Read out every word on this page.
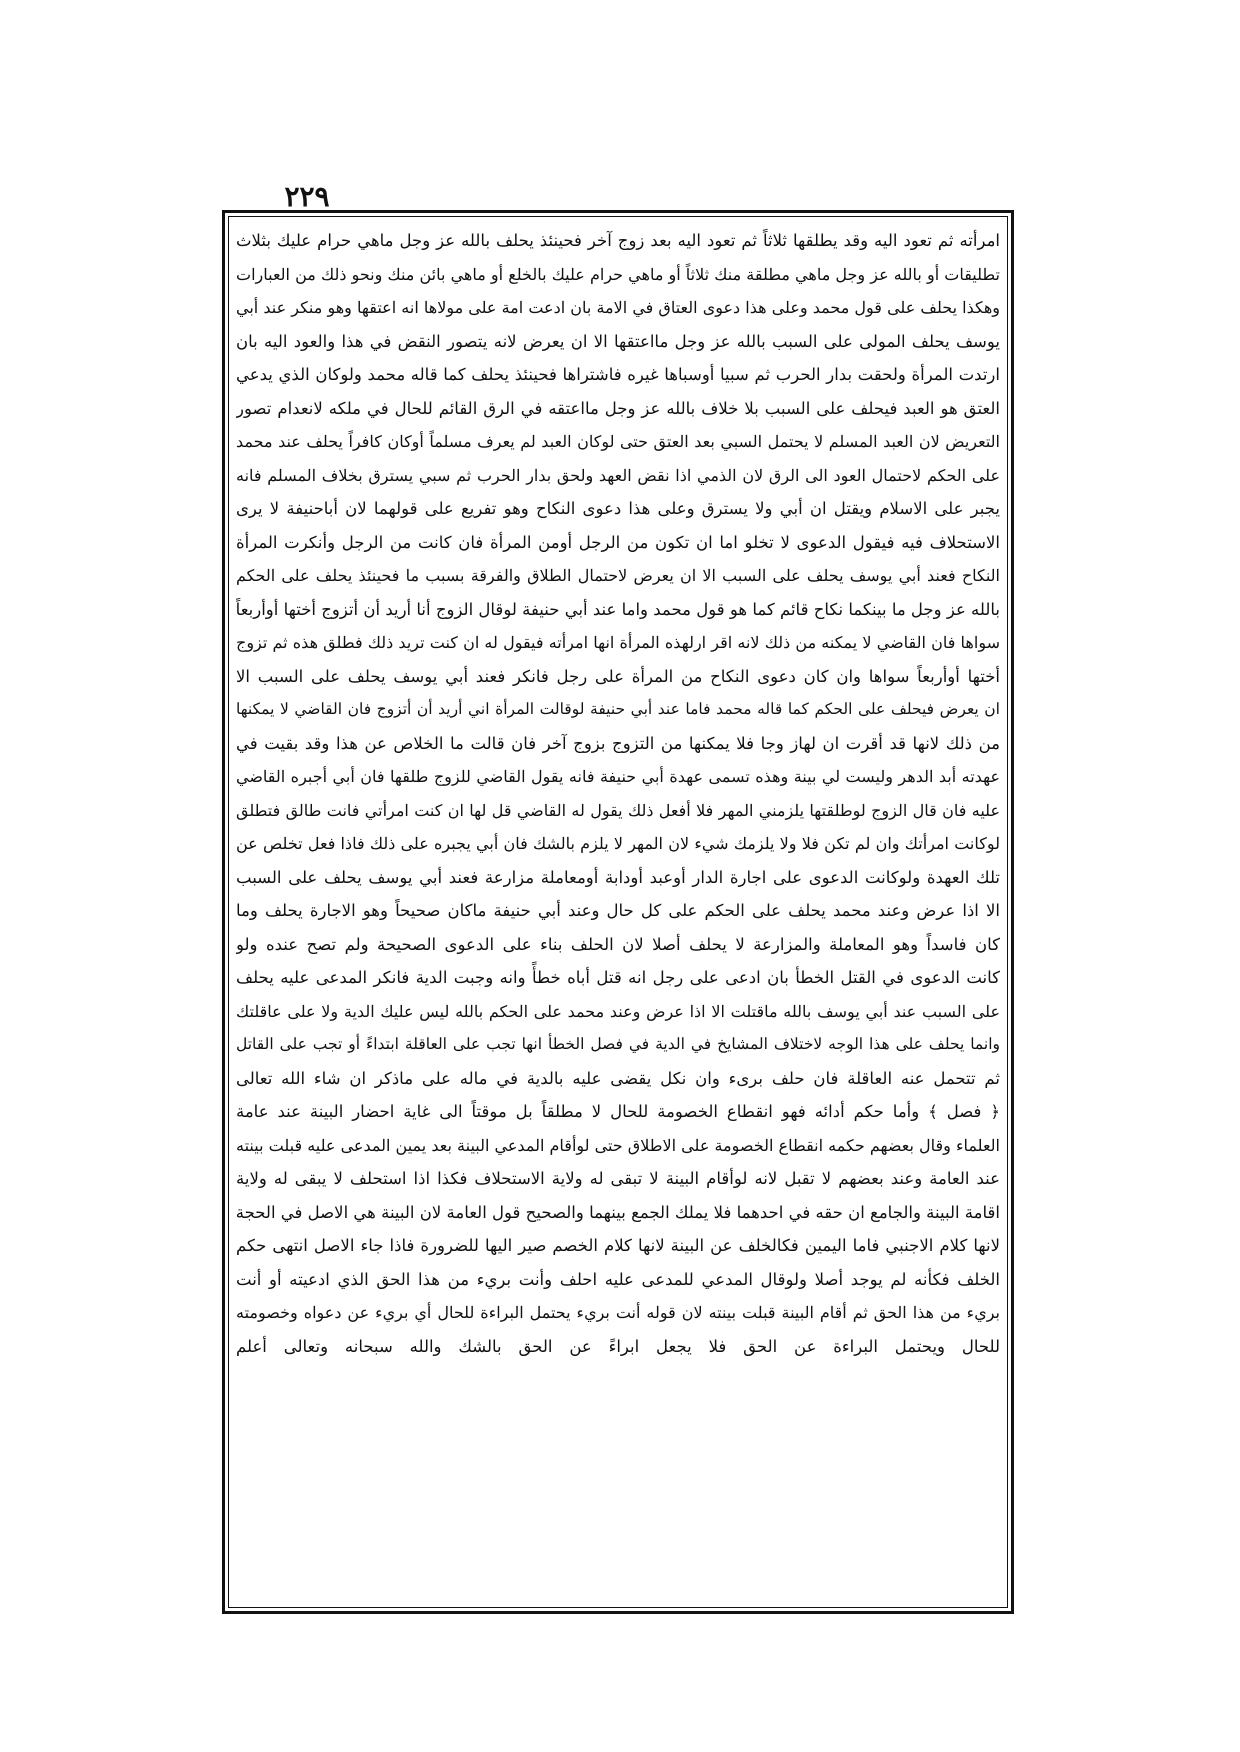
٢٢٩
امرأته ثم تعود اليه وقد يطلقها ثلاثاً ثم تعود اليه بعد زوج آخر فحينئذ يحلف بالله عز وجل ماهي حرام عليك بثلاث
تطليقات أو بالله عز وجل ماهي مطلقة منك ثلاثاً أو ماهي حرام عليك بالخلع أو ماهي بائن منك ونحو ذلك من العبارات
وهكذا يحلف على قول محمد وعلى هذا دعوى العتاق في الامة بان ادعت امة على مولاها انه اعتقها وهو منكر عند أبي
يوسف يحلف المولى على السبب بالله عز وجل مااعتقها الا ان يعرض لانه يتصور النقض في هذا والعود اليه بان
ارتدت المرأة ولحقت بدار الحرب ثم سبيا أوسباها غيره فاشتراها فحينئذ يحلف كما قاله محمد ولوكان الذي يدعي
العتق هو العبد فيحلف على السبب بلا خلاف بالله عز وجل مااعتقه في الرق القائم للحال في ملكه لانعدام تصور
التعريض لان العبد المسلم لا يحتمل السبي بعد العتق حتى لوكان العبد لم يعرف مسلماً أوكان كافراً يحلف عند محمد
على الحكم لاحتمال العود الى الرق لان الذمي اذا نقض العهد ولحق بدار الحرب ثم سبي يسترق بخلاف المسلم فانه
يجبر على الاسلام ويقتل ان أبي ولا يسترق وعلى هذا دعوى النكاح وهو تفريع على قولهما لان أباحنيفة لا يرى
الاستحلاف فيه فيقول الدعوى لا تخلو اما ان تكون من الرجل أومن المرأة فان كانت من الرجل وأنكرت المرأة
النكاح فعند أبي يوسف يحلف على السبب الا ان يعرض لاحتمال الطلاق والفرقة بسبب ما فحينئذ يحلف على الحكم
بالله عز وجل ما بينكما نكاح قائم كما هو قول محمد واما عند أبي حنيفة لوقال الزوج أنا أريد أن أتزوج أختها أوأربعاً
سواها فان القاضي لا يمكنه من ذلك لانه اقر ارلهذه المرأة انها امرأته فيقول له ان كنت تريد ذلك فطلق هذه ثم تزوج
أختها أوأربعاً سواها وان كان دعوى النكاح من المرأة على رجل فانكر فعند أبي يوسف يحلف على السبب الا
ان يعرض فيحلف على الحكم كما قاله محمد فاما عند أبي حنيفة لوقالت المرأة اني أريد أن أتزوج فان القاضي لا يمكنها
من ذلك لانها قد أقرت ان لهاز وجا فلا يمكنها من التزوج بزوج آخر فان قالت ما الخلاص عن هذا وقد بقيت في
عهدته أبد الدهر وليست لي بينة وهذه تسمى عهدة أبي حنيفة فانه يقول القاضي للزوج طلقها فان أبي أجبره القاضي
عليه فان قال الزوج لوطلقتها يلزمني المهر فلا أفعل ذلك يقول له القاضي قل لها ان كنت امرأتي فانت طالق فتطلق
لوكانت امرأتك وان لم تكن فلا ولا يلزمك شيء لان المهر لا يلزم بالشك فان أبي يجبره على ذلك فاذا فعل تخلص عن
تلك العهدة ولوكانت الدعوى على اجارة الدار أوعبد أودابة أومعاملة مزارعة فعند أبي يوسف يحلف على السبب
الا اذا عرض وعند محمد يحلف على الحكم على كل حال وعند أبي حنيفة ماكان صحيحاً وهو الاجارة يحلف وما
كان فاسداً وهو المعاملة والمزارعة لا يحلف أصلا لان الحلف بناء على الدعوى الصحيحة ولم تصح عنده ولو
كانت الدعوى في القتل الخطأ بان ادعى على رجل انه قتل أباه خطأً وانه وجبت الدية فانكر المدعى عليه يحلف
على السبب عند أبي يوسف بالله ماقتلت الا اذا عرض وعند محمد على الحكم بالله ليس عليك الدية ولا على عاقلتك
وانما يحلف على هذا الوجه لاختلاف المشايخ في الدية في فصل الخطأ انها تجب على العاقلة ابتداءً أو تجب على القاتل
ثم تتحمل عنه العاقلة فان حلف برىء وان نكل يقضى عليه بالدية في ماله على ماذكر ان شاء الله تعالى
﴿ فصل ﴾ وأما حكم أدائه فهو انقطاع الخصومة للحال لا مطلقاً بل موقتاً الى غاية احضار البينة عند عامة
العلماء وقال بعضهم حكمه انقطاع الخصومة على الاطلاق حتى لوأقام المدعي البينة بعد يمين المدعى عليه قبلت بينته
عند العامة وعند بعضهم لا تقبل لانه لوأقام البينة لا تبقى له ولاية الاستحلاف فكذا اذا استحلف لا يبقى له ولاية
اقامة البينة والجامع ان حقه في احدهما فلا يملك الجمع بينهما والصحيح قول العامة لان البينة هي الاصل في الحجة
لانها كلام الاجنبي فاما اليمين فكالخلف عن البينة لانها كلام الخصم صير اليها للضرورة فاذا جاء الاصل انتهى حكم
الخلف فكأنه لم يوجد أصلا ولوقال المدعي للمدعى عليه احلف وأنت بريء من هذا الحق الذي ادعيته أو أنت
بريء من هذا الحق ثم أقام البينة قبلت بينته لان قوله أنت بريء يحتمل البراءة للحال أي بريء عن دعواه وخصومته
للحال ويحتمل البراءة عن الحق فلا يجعل ابراءً عن الحق بالشك والله سبحانه وتعالى أعلم
